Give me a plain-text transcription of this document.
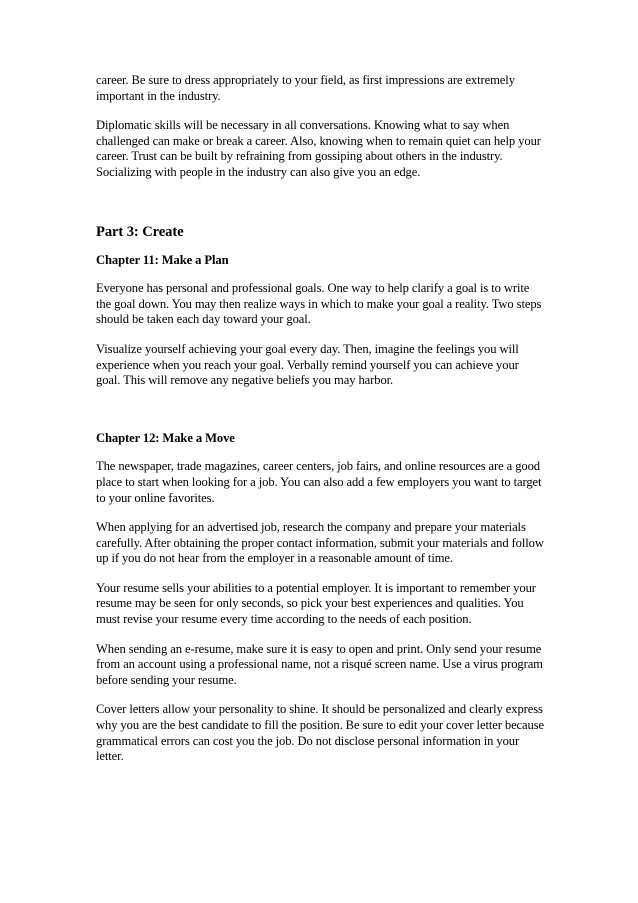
career. Be sure to dress appropriately to your field, as first impressions are extremely important in the industry.

Diplomatic skills will be necessary in all conversations. Knowing what to say when challenged can make or break a career. Also, knowing when to remain quiet can help your career. Trust can be built by refraining from gossiping about others in the industry. Socializing with people in the industry can also give you an edge.

Part 3: Create
Chapter 11: Make a Plan

Everyone has personal and professional goals. One way to help clarify a goal is to write the goal down. You may then realize ways in which to make your goal a reality. Two steps should be taken each day toward your goal.

Visualize yourself achieving your goal every day. Then, imagine the feelings you will experience when you reach your goal. Verbally remind yourself you can achieve your goal. This will remove any negative beliefs you may harbor.

Chapter 12: Make a Move

The newspaper, trade magazines, career centers, job fairs, and online resources are a good place to start when looking for a job. You can also add a few employers you want to target to your online favorites.

When applying for an advertised job, research the company and prepare your materials carefully. After obtaining the proper contact information, submit your materials and follow up if you do not hear from the employer in a reasonable amount of time.

Your resume sells your abilities to a potential employer. It is important to remember your resume may be seen for only seconds, so pick your best experiences and qualities. You must revise your resume every time according to the needs of each position.

When sending an e-resume, make sure it is easy to open and print. Only send your resume from an account using a professional name, not a risqué screen name. Use a virus program before sending your resume.

Cover letters allow your personality to shine. It should be personalized and clearly express why you are the best candidate to fill the position. Be sure to edit your cover letter because grammatical errors can cost you the job. Do not disclose personal information in your letter.
